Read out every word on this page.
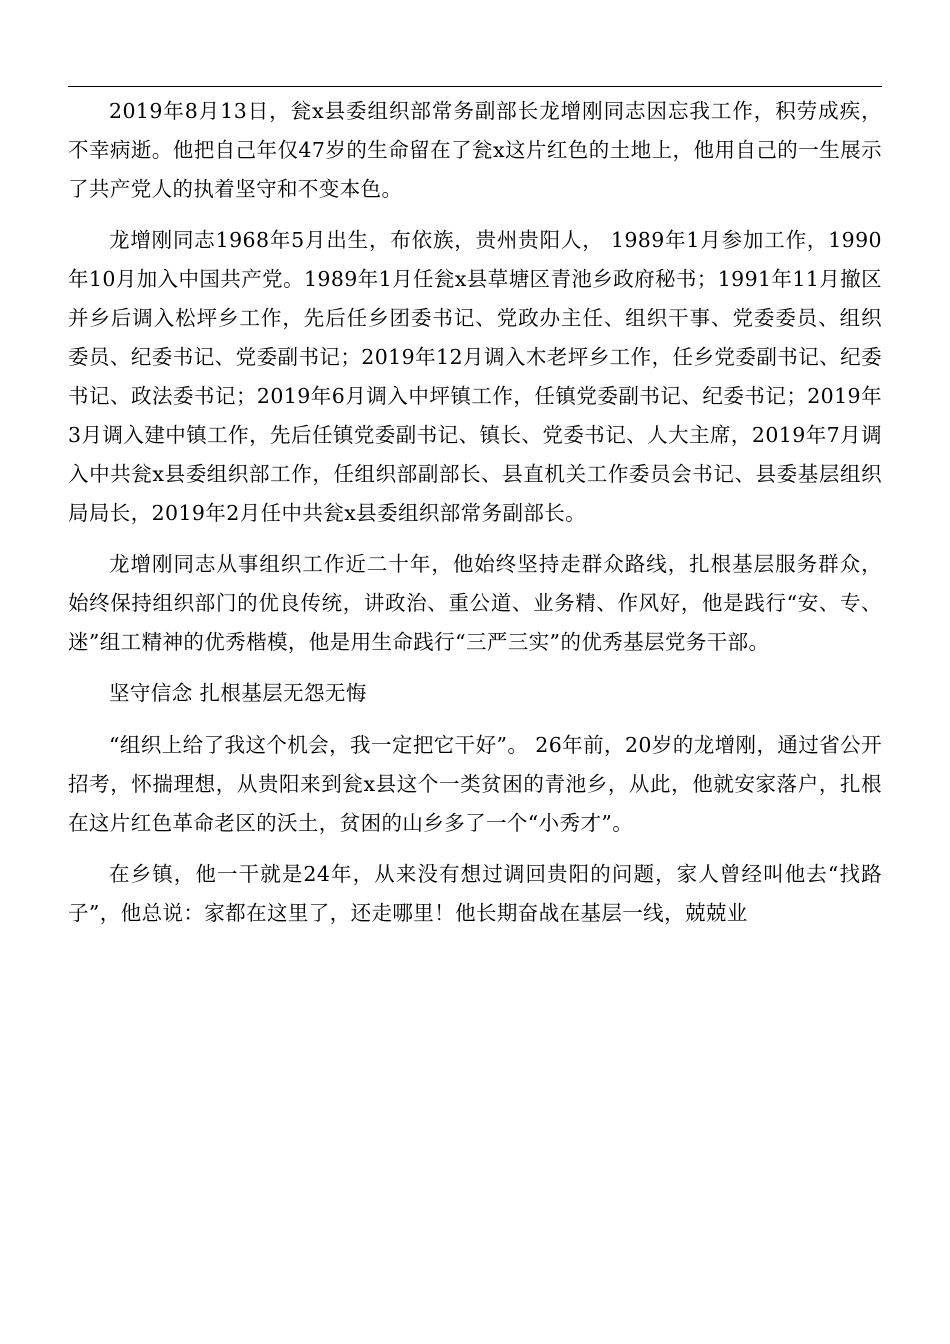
2019年8月13日，瓮x县委组织部常务副部长龙增刚同志因忘我工作，积劳成疾，不幸病逝。他把自己年仅47岁的生命留在了瓮x这片红色的土地上，他用自己的一生展示了共产党人的执着坚守和不变本色。

龙增刚同志1968年5月出生，布依族，贵州贵阳人， 1989年1月参加工作，1990年10月加入中国共产党。1989年1月任瓮x县草塘区青池乡政府秘书；1991年11月撤区并乡后调入松坪乡工作，先后任乡团委书记、党政办主任、组织干事、党委委员、组织委员、纪委书记、党委副书记；2019年12月调入木老坪乡工作，任乡党委副书记、纪委书记、政法委书记；2019年6月调入中坪镇工作，任镇党委副书记、纪委书记；2019年3月调入建中镇工作，先后任镇党委副书记、镇长、党委书记、人大主席，2019年7月调入中共瓮x县委组织部工作，任组织部副部长、县直机关工作委员会书记、县委基层组织局局长，2019年2月任中共瓮x县委组织部常务副部长。

龙增刚同志从事组织工作近二十年，他始终坚持走群众路线，扎根基层服务群众，始终保持组织部门的优良传统，讲政治、重公道、业务精、作风好，他是践行“安、专、迷”组工精神的优秀楷模，他是用生命践行“三严三实”的优秀基层党务干部。

坚守信念 扎根基层无怨无悔

“组织上给了我这个机会，我一定把它干好”。 26年前，20岁的龙增刚，通过省公开招考，怀揣理想，从贵阳来到瓮x县这个一类贫困的青池乡，从此，他就安家落户，扎根在这片红色革命老区的沃土，贫困的山乡多了一个“小秀才”。

在乡镇，他一干就是24年，从来没有想过调回贵阳的问题，家人曾经叫他去“找路子”，他总说：家都在这里了，还走哪里！他长期奋战在基层一线，兢兢业
